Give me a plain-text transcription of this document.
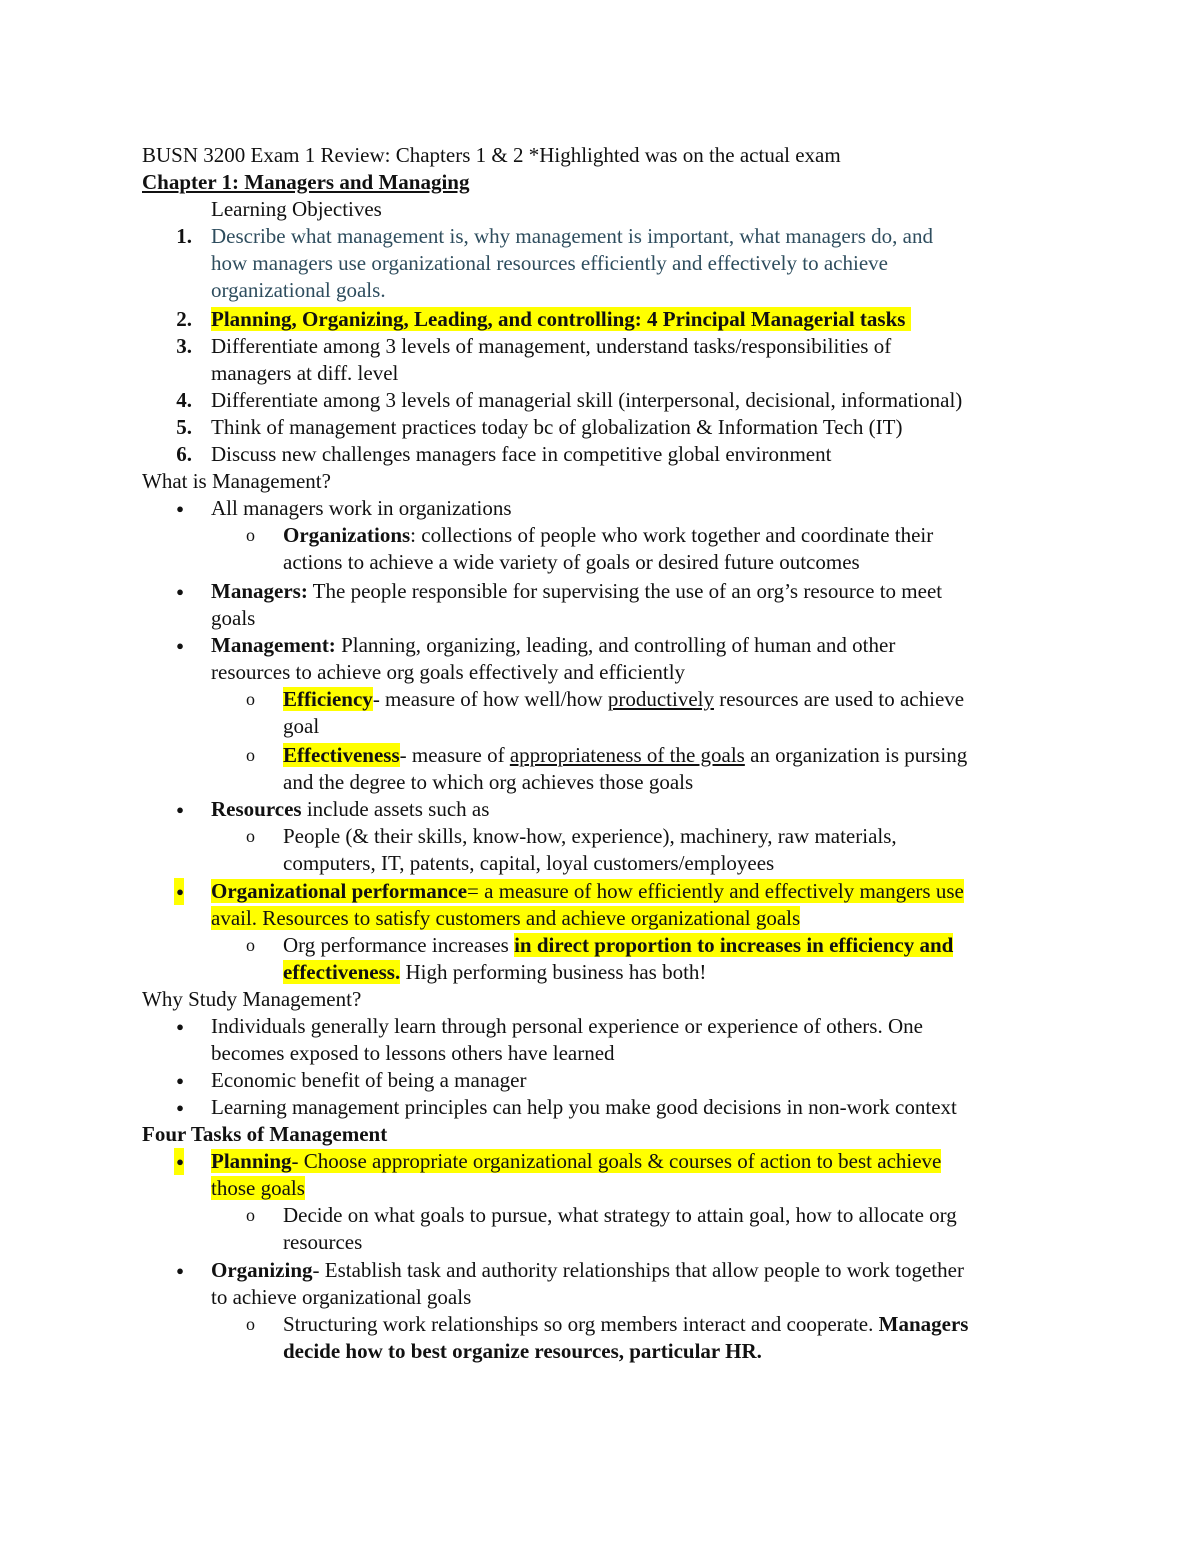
BUSN 3200 Exam 1 Review: Chapters 1 & 2 *Highlighted was on the actual exam
Chapter 1: Managers and Managing
Learning Objectives
1. Describe what management is, why management is important, what managers do, and
how managers use organizational resources efficiently and effectively to achieve
organizational goals.
2. Planning, Organizing, Leading, and controlling: 4 Principal Managerial tasks
3. Differentiate among 3 levels of management, understand tasks/responsibilities of
managers at diff. level
4. Differentiate among 3 levels of managerial skill (interpersonal, decisional, informational)
5. Think of management practices today bc of globalization & Information Tech (IT)
6. Discuss new challenges managers face in competitive global environment
What is Management?
● All managers work in organizations
o	Organizations: collections of people who work together and coordinate their
actions to achieve a wide variety of goals or desired future outcomes
● Managers: The people responsible for supervising the use of an org’s resource to meet
goals
● Management: Planning, organizing, leading, and controlling of human and other
resources to achieve org goals effectively and efficiently
o	Efficiency- measure of how well/how productively resources are used to achieve
goal
o	Effectiveness- measure of appropriateness of the goals an organization is pursing
and the degree to which org achieves those goals
● Resources include assets such as
o	People (& their skills, know-how, experience), machinery, raw materials,
computers, IT, patents, capital, loyal customers/employees
● Organizational performance= a measure of how efficiently and effectively mangers use
avail. Resources to satisfy customers and achieve organizational goals
o	Org performance increases in direct proportion to increases in efficiency and
effectiveness. High performing business has both!
Why Study Management?
● Individuals generally learn through personal experience or experience of others. One
becomes exposed to lessons others have learned
● Economic benefit of being a manager
● Learning management principles can help you make good decisions in non-work context
Four Tasks of Management
● Planning- Choose appropriate organizational goals & courses of action to best achieve
those goals
o	Decide on what goals to pursue, what strategy to attain goal, how to allocate org
resources
● Organizing- Establish task and authority relationships that allow people to work together
to achieve organizational goals
o	Structuring work relationships so org members interact and cooperate. Managers
decide how to best organize resources, particular HR.
